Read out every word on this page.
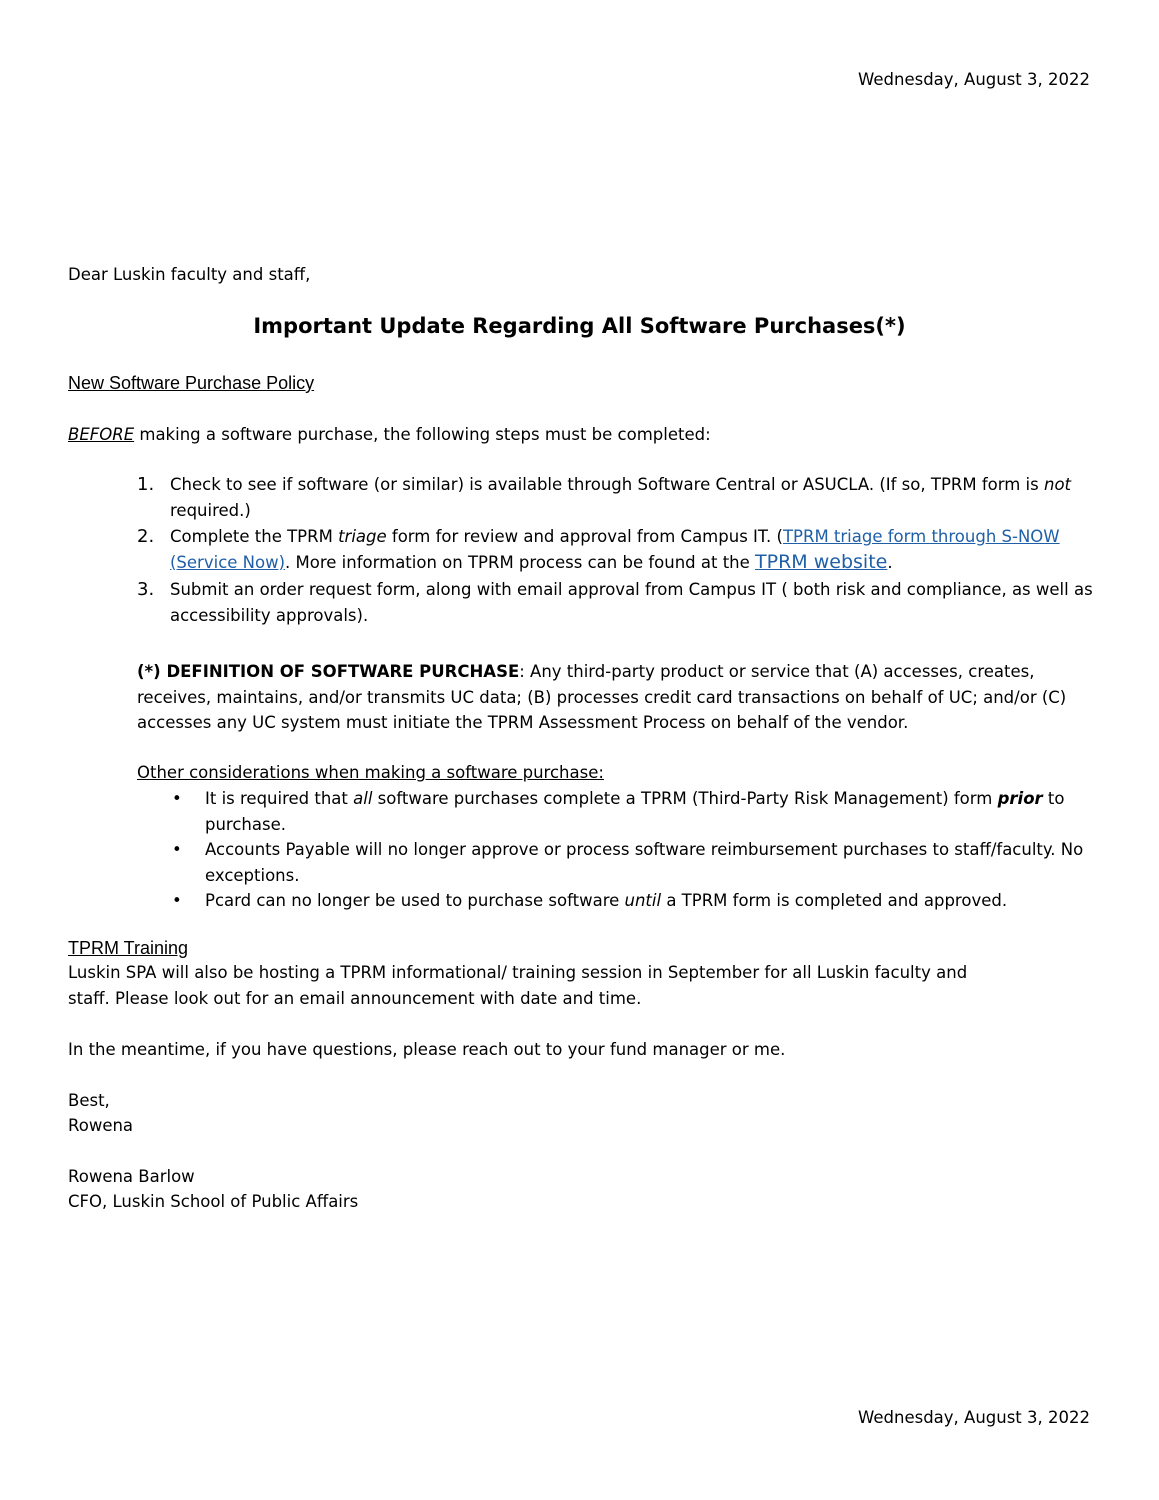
Wednesday, August 3, 2022
Dear Luskin faculty and staff,
Important Update Regarding All Software Purchases(*)
New Software Purchase Policy
BEFORE making a software purchase, the following steps must be completed:
1. Check to see if software (or similar) is available through Software Central or ASUCLA. (If so, TPRM form is not required.)
2. Complete the TPRM triage form for review and approval from Campus IT. (TPRM triage form through S-NOW (Service Now). More information on TPRM process can be found at the TPRM website.
3. Submit an order request form, along with email approval from Campus IT ( both risk and compliance, as well as accessibility approvals).
(*) DEFINITION OF SOFTWARE PURCHASE: Any third-party product or service that (A) accesses, creates, receives, maintains, and/or transmits UC data; (B) processes credit card transactions on behalf of UC; and/or (C) accesses any UC system must initiate the TPRM Assessment Process on behalf of the vendor.
Other considerations when making a software purchase:
• It is required that all software purchases complete a TPRM (Third-Party Risk Management) form prior to purchase.
• Accounts Payable will no longer approve or process software reimbursement purchases to staff/faculty. No exceptions.
• Pcard can no longer be used to purchase software until a TPRM form is completed and approved.
TPRM Training
Luskin SPA will also be hosting a TPRM informational/ training session in September for all Luskin faculty and staff. Please look out for an email announcement with date and time.
In the meantime, if you have questions, please reach out to your fund manager or me.
Best,
Rowena
Rowena Barlow
CFO, Luskin School of Public Affairs
Wednesday, August 3, 2022
